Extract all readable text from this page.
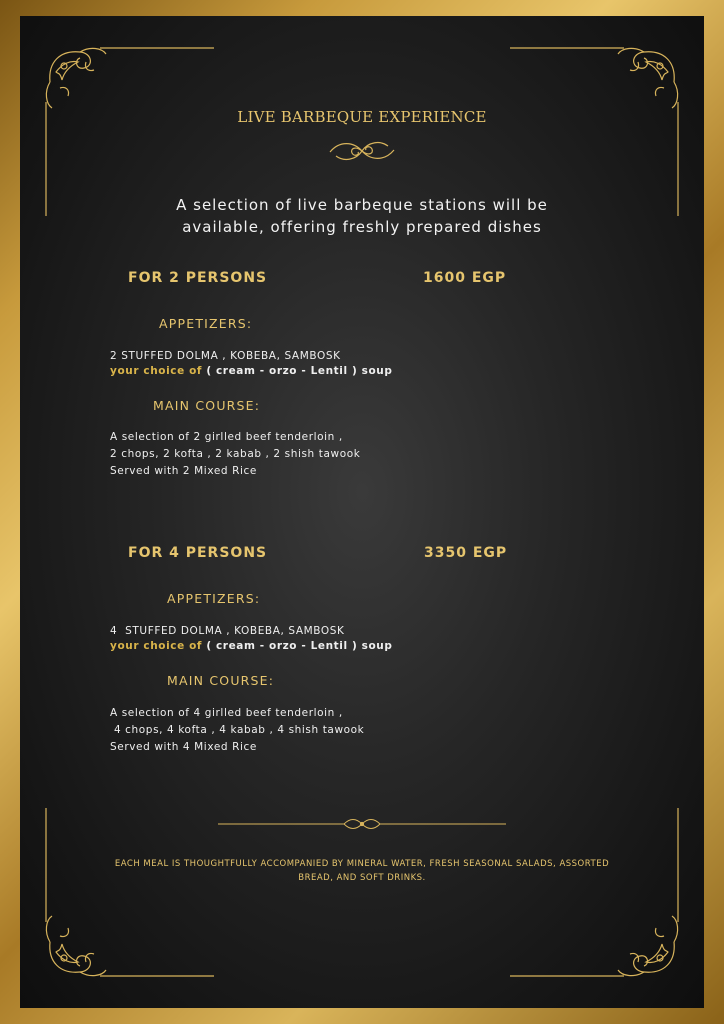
LIVE BARBEQUE EXPERIENCE
A selection of live barbeque stations will be
available, offering freshly prepared dishes
FOR 2 PERSONS	1600 EGP
APPETIZERS:
2 STUFFED DOLMA , KOBEBA, SAMBOSK
your choice of ( cream - orzo - Lentil ) soup
MAIN COURSE:
A selection of 2 girlled beef tenderloin ,
2 chops, 2 kofta , 2 kabab , 2 shish tawook
Served with 2 Mixed Rice
FOR 4 PERSONS	3350 EGP
APPETIZERS:
4  STUFFED DOLMA , KOBEBA, SAMBOSK
your choice of ( cream - orzo - Lentil ) soup
MAIN COURSE:
A selection of 4 girlled beef tenderloin ,
4 chops, 4 kofta , 4 kabab , 4 shish tawook
Served with 4 Mixed Rice
EACH MEAL IS THOUGHTFULLY ACCOMPANIED BY MINERAL WATER, FRESH SEASONAL SALADS, ASSORTED
BREAD, AND SOFT DRINKS.
